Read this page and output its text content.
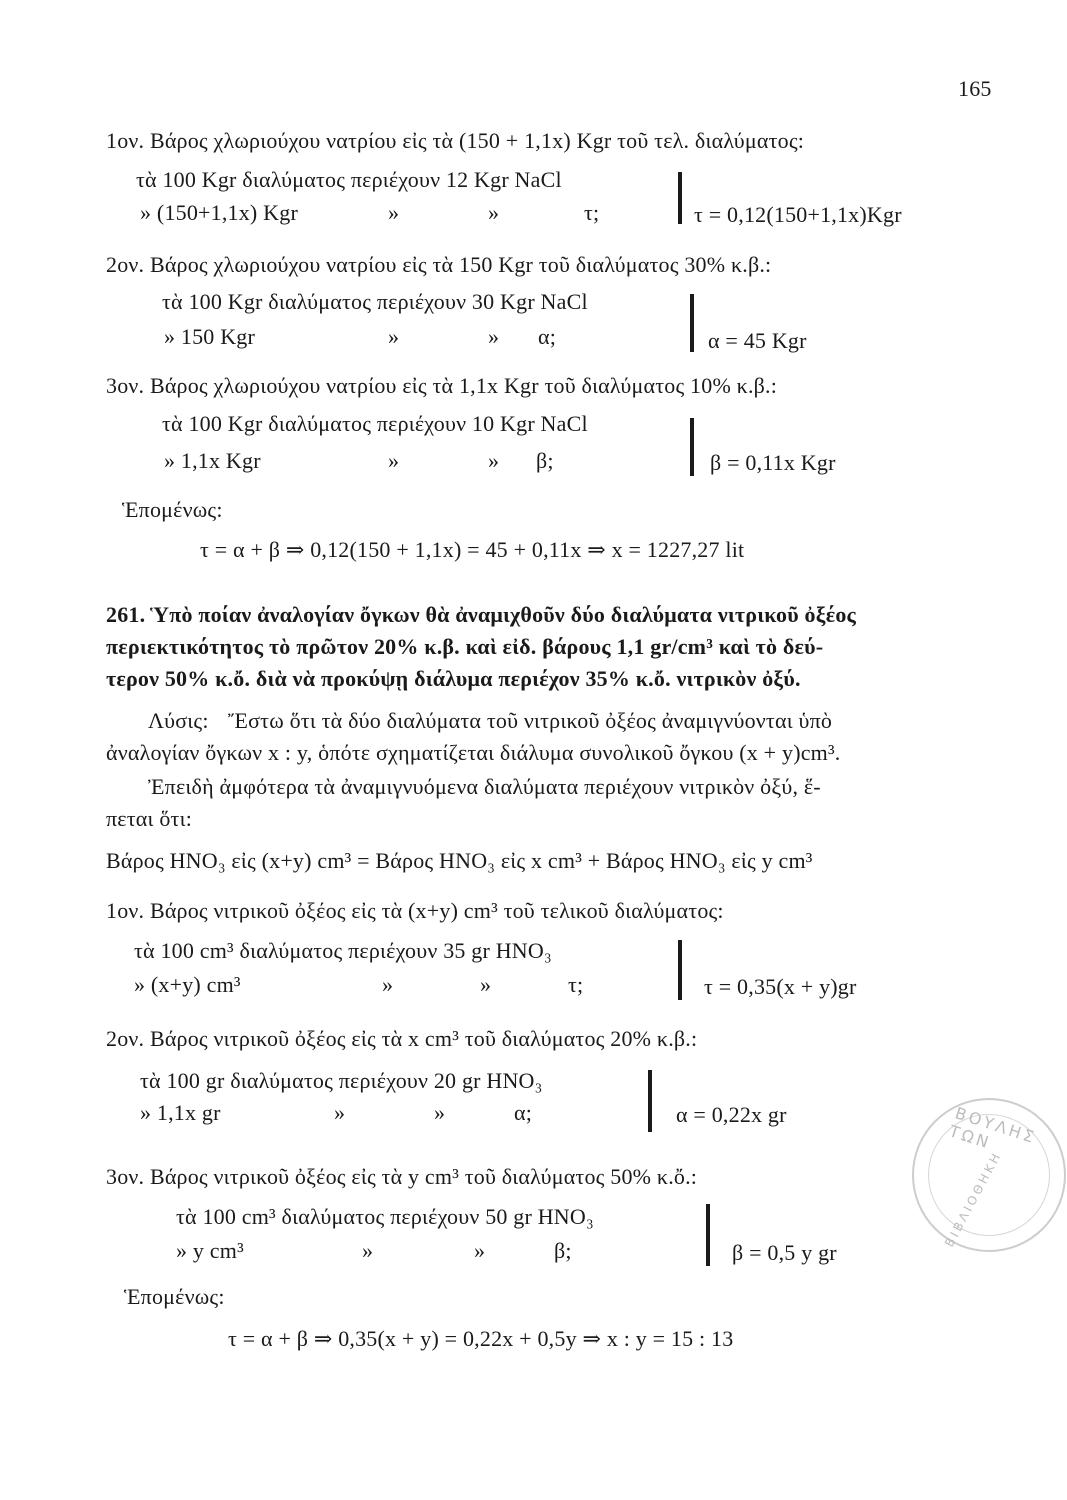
165
1ον. Βάρος χλωριούχου νατρίου εἰς τὰ (150 + 1,1x) Kgr τοῦ τελ. διαλύματος:
τὰ 100 Kgr διαλύματος περιέχουν 12 Kgr NaCl
» (150+1,1x) Kgr	»	»	τ;	τ = 0,12(150+1,1x)Kgr
2ον. Βάρος χλωριούχου νατρίου εἰς τὰ 150 Kgr τοῦ διαλύματος 30% κ.β.:
τὰ 100 Kgr διαλύματος περιέχουν 30 Kgr NaCl
» 150 Kgr	»	» α;	α = 45 Kgr
3ον. Βάρος χλωριούχου νατρίου εἰς τὰ 1,1x Kgr τοῦ διαλύματος 10% κ.β.:
τὰ 100 Kgr διαλύματος περιέχουν 10 Kgr NaCl
» 1,1x Kgr	»	» β;	β = 0,11x Kgr
Ἑπομένως:
τ = α + β ⇒ 0,12(150 + 1,1x) = 45 + 0,11x ⇒ x = 1227,27 lit
261. Ὑπὸ ποίαν ἀναλογίαν ὄγκων θὰ ἀναμιχθοῦν δύο διαλύματα νιτρικοῦ ὀξέος
περιεκτικότητος τὸ πρῶτον 20% κ.β. καὶ εἰδ. βάρους 1,1 gr/cm³ καὶ τὸ δεύ-
τερον 50% κ.ὄ. διὰ νὰ προκύψῃ διάλυμα περιέχον 35% κ.ὄ. νιτρικὸν ὀξύ.
Λύσις: Ἔστω ὅτι τὰ δύο διαλύματα τοῦ νιτρικοῦ ὀξέος ἀναμιγνύονται ὑπὸ
ἀναλογίαν ὄγκων x : y, ὁπότε σχηματίζεται διάλυμα συνολικοῦ ὄγκου (x + y)cm³.
Ἐπειδὴ ἀμφότερα τὰ ἀναμιγνυόμενα διαλύματα περιέχουν νιτρικὸν ὀξύ, ἕ-
πεται ὅτι:
Βάρος HNO₃ εἰς (x+y) cm³ = Βάρος HNO₃ εἰς x cm³ + Βάρος HNO₃ εἰς y cm³
1ον. Βάρος νιτρικοῦ ὀξέος εἰς τὰ (x+y) cm³ τοῦ τελικοῦ διαλύματος:
τὰ 100 cm³ διαλύματος περιέχουν 35 gr HNO₃
» (x+y) cm³	»	»	τ;	τ = 0,35(x + y)gr
2ον. Βάρος νιτρικοῦ ὀξέος εἰς τὰ x cm³ τοῦ διαλύματος 20% κ.β.:
τὰ 100 gr διαλύματος περιέχουν 20 gr HNO₃
» 1,1x gr	»	»	α;	α = 0,22x gr
3ον. Βάρος νιτρικοῦ ὀξέος εἰς τὰ y cm³ τοῦ διαλύματος 50% κ.ὄ.:
τὰ 100 cm³ διαλύματος περιέχουν 50 gr HNO₃
» y cm³	»	»	β;	β = 0,5 y gr
Ἑπομένως:
τ = α + β ⇒ 0,35(x + y) = 0,22x + 0,5y ⇒ x : y = 15 : 13
ΒΟΥΛΗΣ ΤΩΝ
ΒΙΒΛΙΟΘΗΚΗ
